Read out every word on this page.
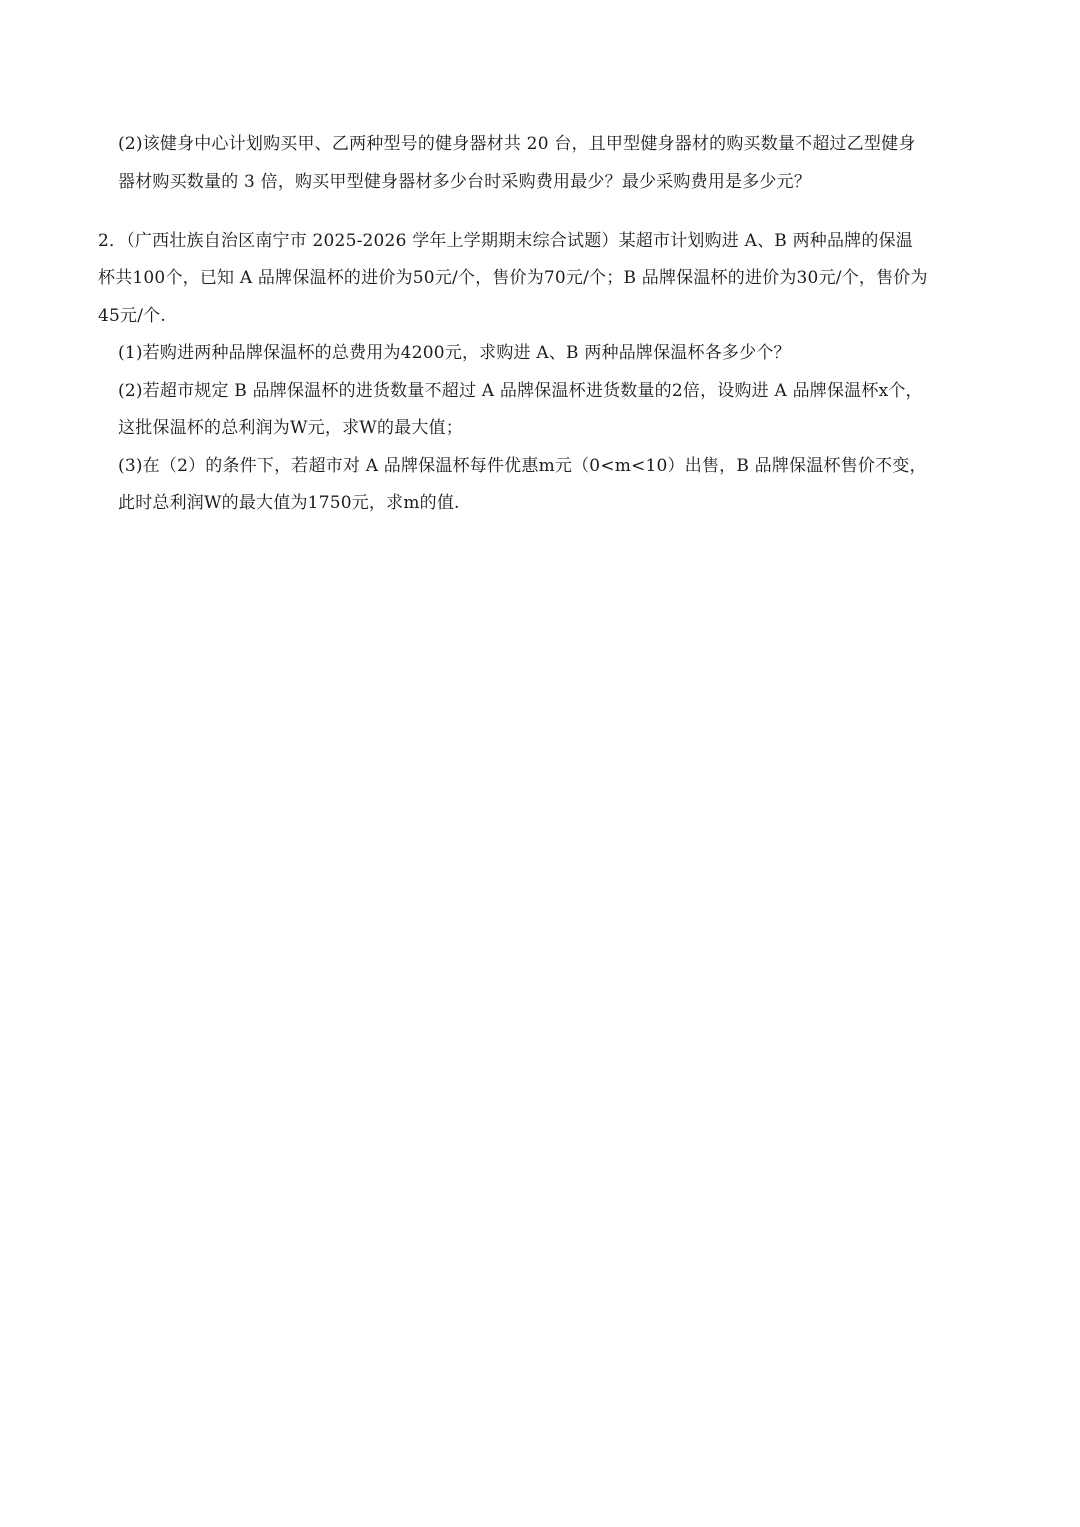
(2)该健身中心计划购买甲、乙两种型号的健身器材共 20 台，且甲型健身器材的购买数量不超过乙型健身
器材购买数量的 3 倍，购买甲型健身器材多少台时采购费用最少？最少采购费用是多少元？
2．（广西壮族自治区南宁市 2025-2026 学年上学期期末综合试题）某超市计划购进 A、B 两种品牌的保温
杯共100个，已知 A 品牌保温杯的进价为50元/个，售价为70元/个；B 品牌保温杯的进价为30元/个，售价为
45元/个.
(1)若购进两种品牌保温杯的总费用为4200元，求购进 A、B 两种品牌保温杯各多少个？
(2)若超市规定 B 品牌保温杯的进货数量不超过 A 品牌保温杯进货数量的2倍，设购进 A 品牌保温杯x个，
这批保温杯的总利润为W元，求W的最大值；
(3)在（2）的条件下，若超市对 A 品牌保温杯每件优惠m元（0<m<10）出售，B 品牌保温杯售价不变，
此时总利润W的最大值为1750元，求m的值.
